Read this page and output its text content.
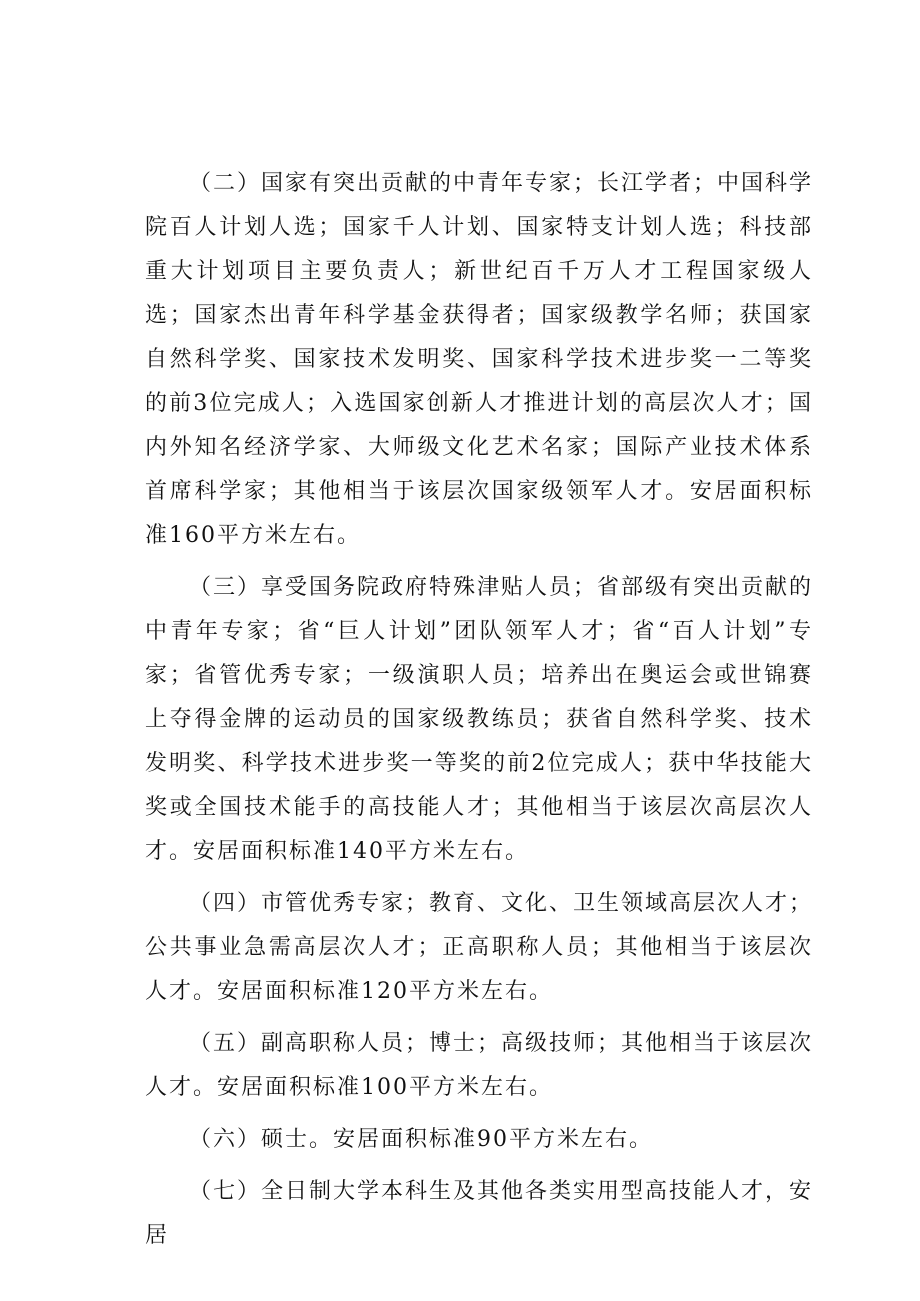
（二）国家有突出贡献的中青年专家；长江学者；中国科学院百人计划人选；国家千人计划、国家特支计划人选；科技部重大计划项目主要负责人；新世纪百千万人才工程国家级人选；国家杰出青年科学基金获得者；国家级教学名师；获国家自然科学奖、国家技术发明奖、国家科学技术进步奖一二等奖的前3位完成人；入选国家创新人才推进计划的高层次人才；国内外知名经济学家、大师级文化艺术名家；国际产业技术体系首席科学家；其他相当于该层次国家级领军人才。安居面积标准160平方米左右。

（三）享受国务院政府特殊津贴人员；省部级有突出贡献的中青年专家；省“巨人计划”团队领军人才；省“百人计划”专家；省管优秀专家；一级演职人员；培养出在奥运会或世锦赛上夺得金牌的运动员的国家级教练员；获省自然科学奖、技术发明奖、科学技术进步奖一等奖的前2位完成人；获中华技能大奖或全国技术能手的高技能人才；其他相当于该层次高层次人才。安居面积标准140平方米左右。

（四）市管优秀专家；教育、文化、卫生领域高层次人才；公共事业急需高层次人才；正高职称人员；其他相当于该层次人才。安居面积标准120平方米左右。

（五）副高职称人员；博士；高级技师；其他相当于该层次人才。安居面积标准100平方米左右。

（六）硕士。安居面积标准90平方米左右。

（七）全日制大学本科生及其他各类实用型高技能人才，安居
